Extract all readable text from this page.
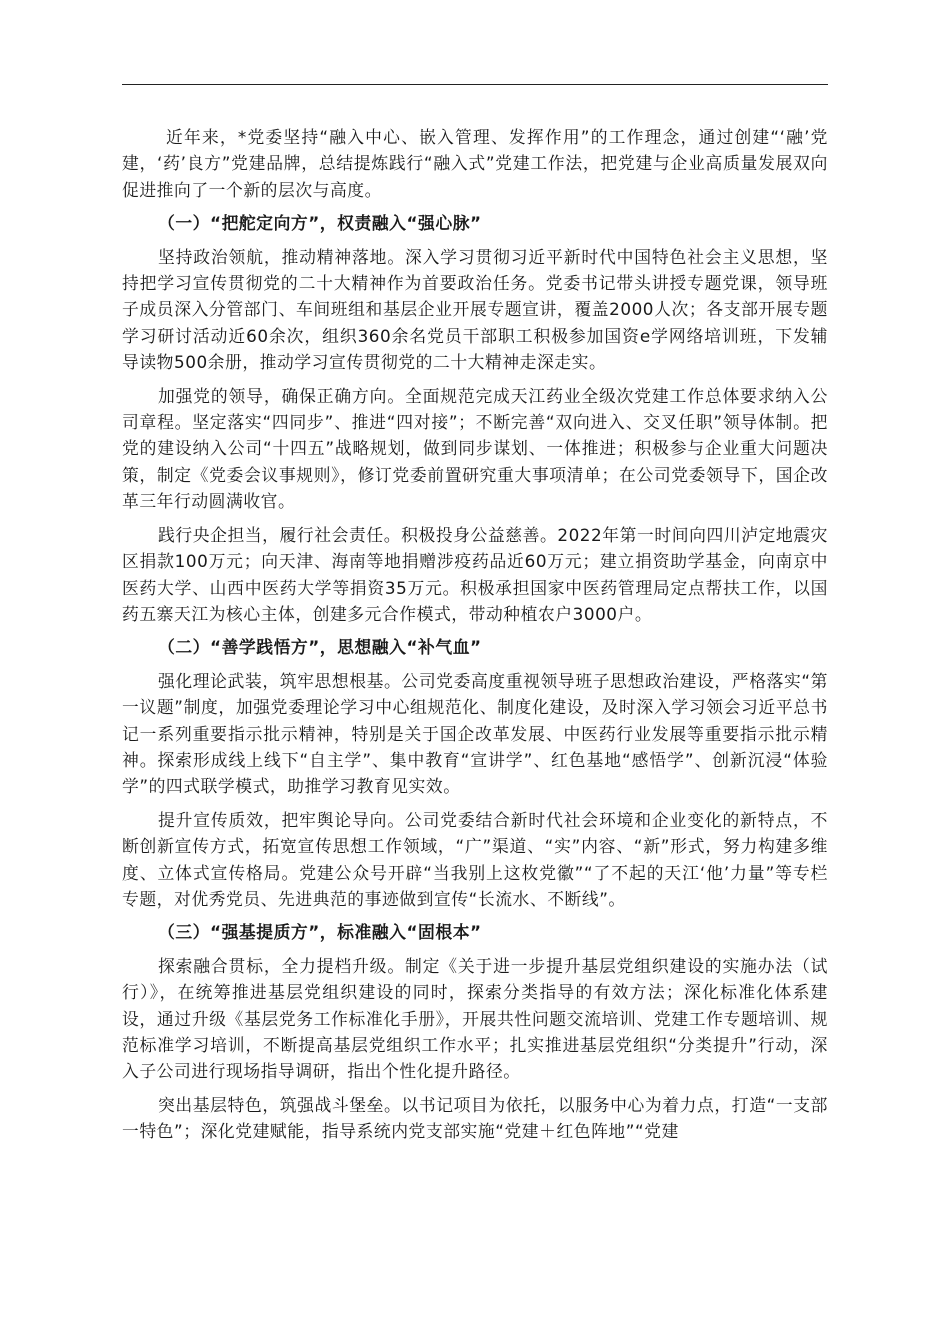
近年来，*党委坚持“融入中心、嵌入管理、发挥作用”的工作理念，通过创建“‘融’党建，‘药’良方”党建品牌，总结提炼践行“融入式”党建工作法，把党建与企业高质量发展双向促进推向了一个新的层次与高度。

（一）“把舵定向方”，权责融入“强心脉”

坚持政治领航，推动精神落地。深入学习贯彻习近平新时代中国特色社会主义思想，坚持把学习宣传贯彻党的二十大精神作为首要政治任务。党委书记带头讲授专题党课，领导班子成员深入分管部门、车间班组和基层企业开展专题宣讲，覆盖2000人次；各支部开展专题学习研讨活动近60余次，组织360余名党员干部职工积极参加国资e学网络培训班，下发辅导读物500余册，推动学习宣传贯彻党的二十大精神走深走实。

加强党的领导，确保正确方向。全面规范完成天江药业全级次党建工作总体要求纳入公司章程。坚定落实“四同步”、推进“四对接”；不断完善“双向进入、交叉任职”领导体制。把党的建设纳入公司“十四五”战略规划，做到同步谋划、一体推进；积极参与企业重大问题决策，制定《党委会议事规则》，修订党委前置研究重大事项清单；在公司党委领导下，国企改革三年行动圆满收官。

践行央企担当，履行社会责任。积极投身公益慈善。2022年第一时间向四川泸定地震灾区捐款100万元；向天津、海南等地捐赠涉疫药品近60万元；建立捐资助学基金，向南京中医药大学、山西中医药大学等捐资35万元。积极承担国家中医药管理局定点帮扶工作，以国药五寨天江为核心主体，创建多元合作模式，带动种植农户3000户。

（二）“善学践悟方”，思想融入“补气血”

强化理论武装，筑牢思想根基。公司党委高度重视领导班子思想政治建设，严格落实“第一议题”制度，加强党委理论学习中心组规范化、制度化建设，及时深入学习领会习近平总书记一系列重要指示批示精神，特别是关于国企改革发展、中医药行业发展等重要指示批示精神。探索形成线上线下“自主学”、集中教育“宣讲学”、红色基地“感悟学”、创新沉浸“体验学”的四式联学模式，助推学习教育见实效。

提升宣传质效，把牢舆论导向。公司党委结合新时代社会环境和企业变化的新特点，不断创新宣传方式，拓宽宣传思想工作领域，“广”渠道、“实”内容、“新”形式，努力构建多维度、立体式宣传格局。党建公众号开辟“当我别上这枚党徽”“了不起的天江‘他’力量”等专栏专题，对优秀党员、先进典范的事迹做到宣传“长流水、不断线”。

（三）“强基提质方”，标准融入“固根本”

探索融合贯标，全力提档升级。制定《关于进一步提升基层党组织建设的实施办法（试行）》，在统筹推进基层党组织建设的同时，探索分类指导的有效方法；深化标准化体系建设，通过升级《基层党务工作标准化手册》，开展共性问题交流培训、党建工作专题培训、规范标准学习培训，不断提高基层党组织工作水平；扎实推进基层党组织“分类提升”行动，深入子公司进行现场指导调研，指出个性化提升路径。

突出基层特色，筑强战斗堡垒。以书记项目为依托，以服务中心为着力点，打造“一支部一特色”；深化党建赋能，指导系统内党支部实施“党建＋红色阵地”“党建
